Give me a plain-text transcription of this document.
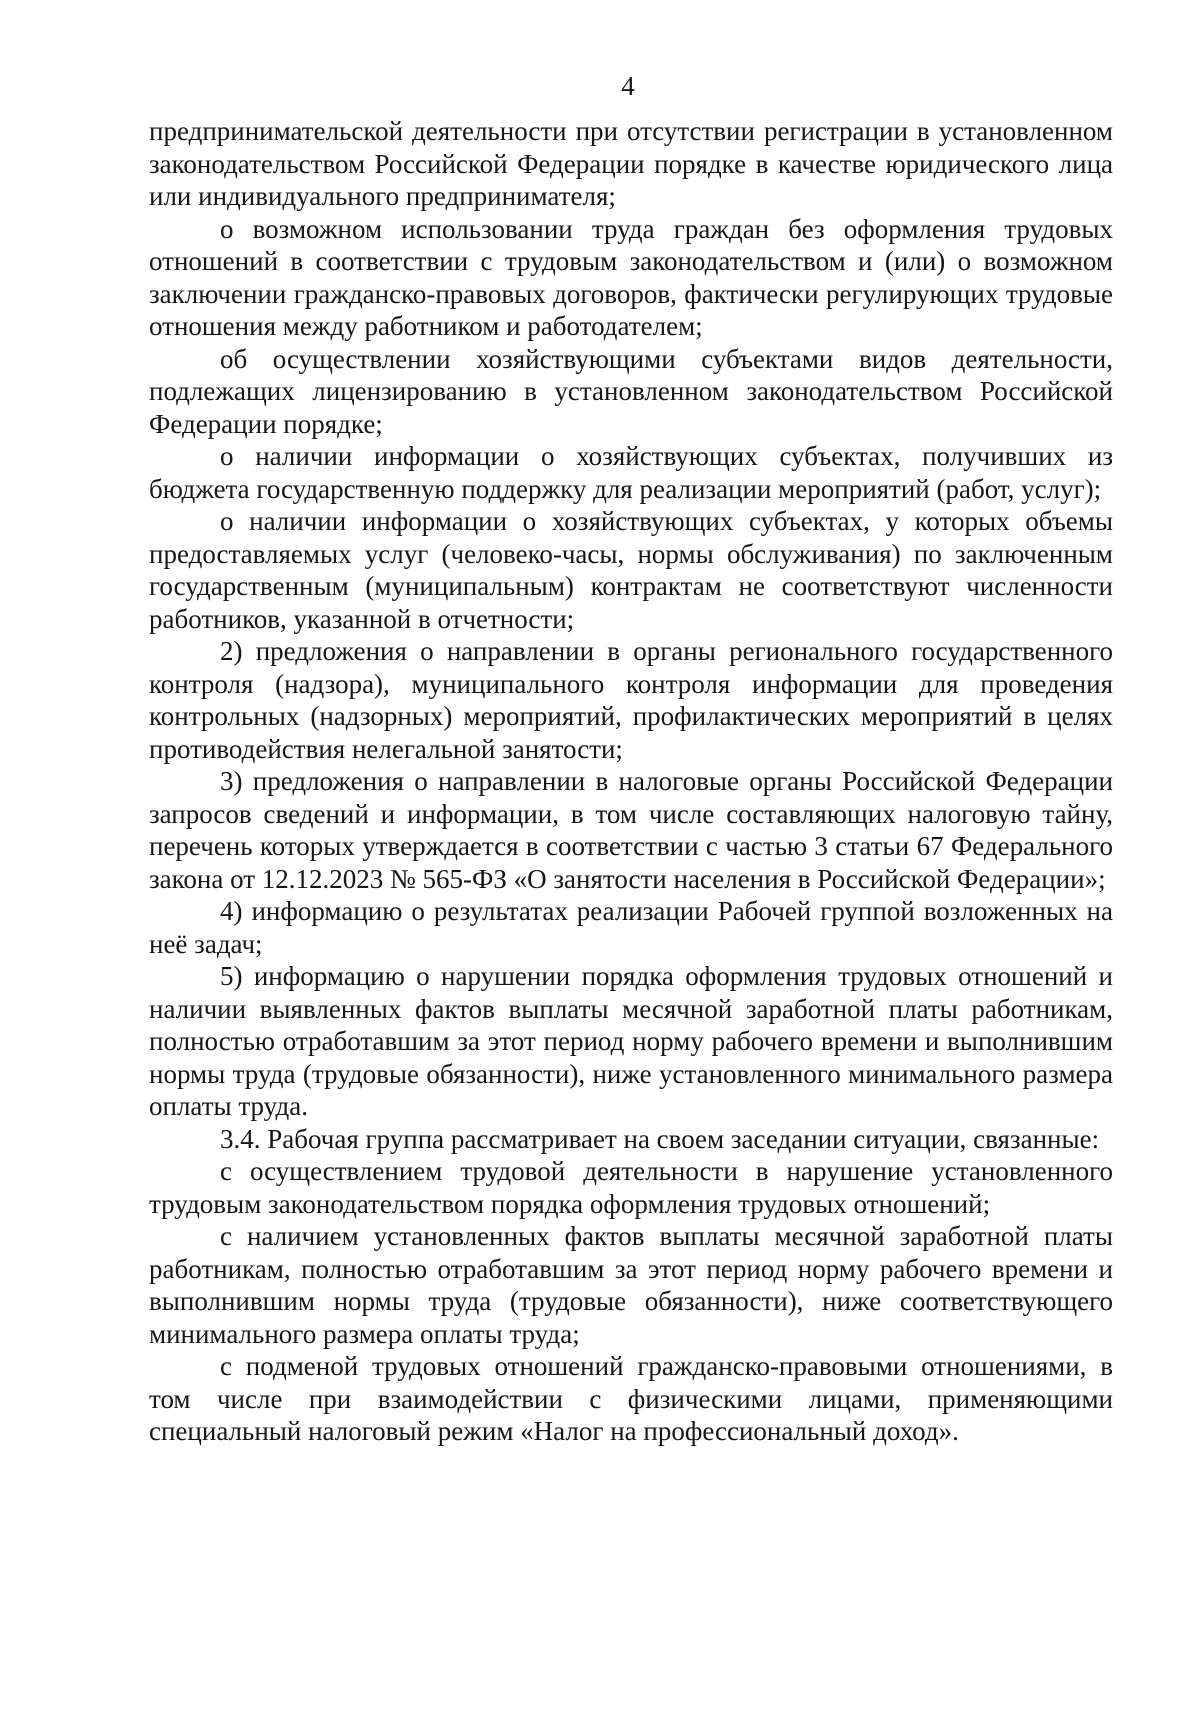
4

предпринимательской деятельности при отсутствии регистрации в установленном законодательством Российской Федерации порядке в качестве юридического лица или индивидуального предпринимателя;

о возможном использовании труда граждан без оформления трудовых отношений в соответствии с трудовым законодательством и (или) о возможном заключении гражданско-правовых договоров, фактически регулирующих трудовые отношения между работником и работодателем;

об осуществлении хозяйствующими субъектами видов деятельности, подлежащих лицензированию в установленном законодательством Российской Федерации порядке;

о наличии информации о хозяйствующих субъектах, получивших из бюджета государственную поддержку для реализации мероприятий (работ, услуг);

о наличии информации о хозяйствующих субъектах, у которых объемы предоставляемых услуг (человеко-часы, нормы обслуживания) по заключенным государственным (муниципальным) контрактам не соответствуют численности работников, указанной в отчетности;

2) предложения о направлении в органы регионального государственного контроля (надзора), муниципального контроля информации для проведения контрольных (надзорных) мероприятий, профилактических мероприятий в целях противодействия нелегальной занятости;

3) предложения о направлении в налоговые органы Российской Федерации запросов сведений и информации, в том числе составляющих налоговую тайну, перечень которых утверждается в соответствии с частью 3 статьи 67 Федерального закона от 12.12.2023 № 565-ФЗ «О занятости населения в Российской Федерации»;

4) информацию о результатах реализации Рабочей группой возложенных на неё задач;

5) информацию о нарушении порядка оформления трудовых отношений и наличии выявленных фактов выплаты месячной заработной платы работникам, полностью отработавшим за этот период норму рабочего времени и выполнившим нормы труда (трудовые обязанности), ниже установленного минимального размера оплаты труда.

3.4. Рабочая группа рассматривает на своем заседании ситуации, связанные:

с осуществлением трудовой деятельности в нарушение установленного трудовым законодательством порядка оформления трудовых отношений;

с наличием установленных фактов выплаты месячной заработной платы работникам, полностью отработавшим за этот период норму рабочего времени и выполнившим нормы труда (трудовые обязанности), ниже соответствующего минимального размера оплаты труда;

с подменой трудовых отношений гражданско-правовыми отношениями, в том числе при взаимодействии с физическими лицами, применяющими специальный налоговый режим «Налог на профессиональный доход».
